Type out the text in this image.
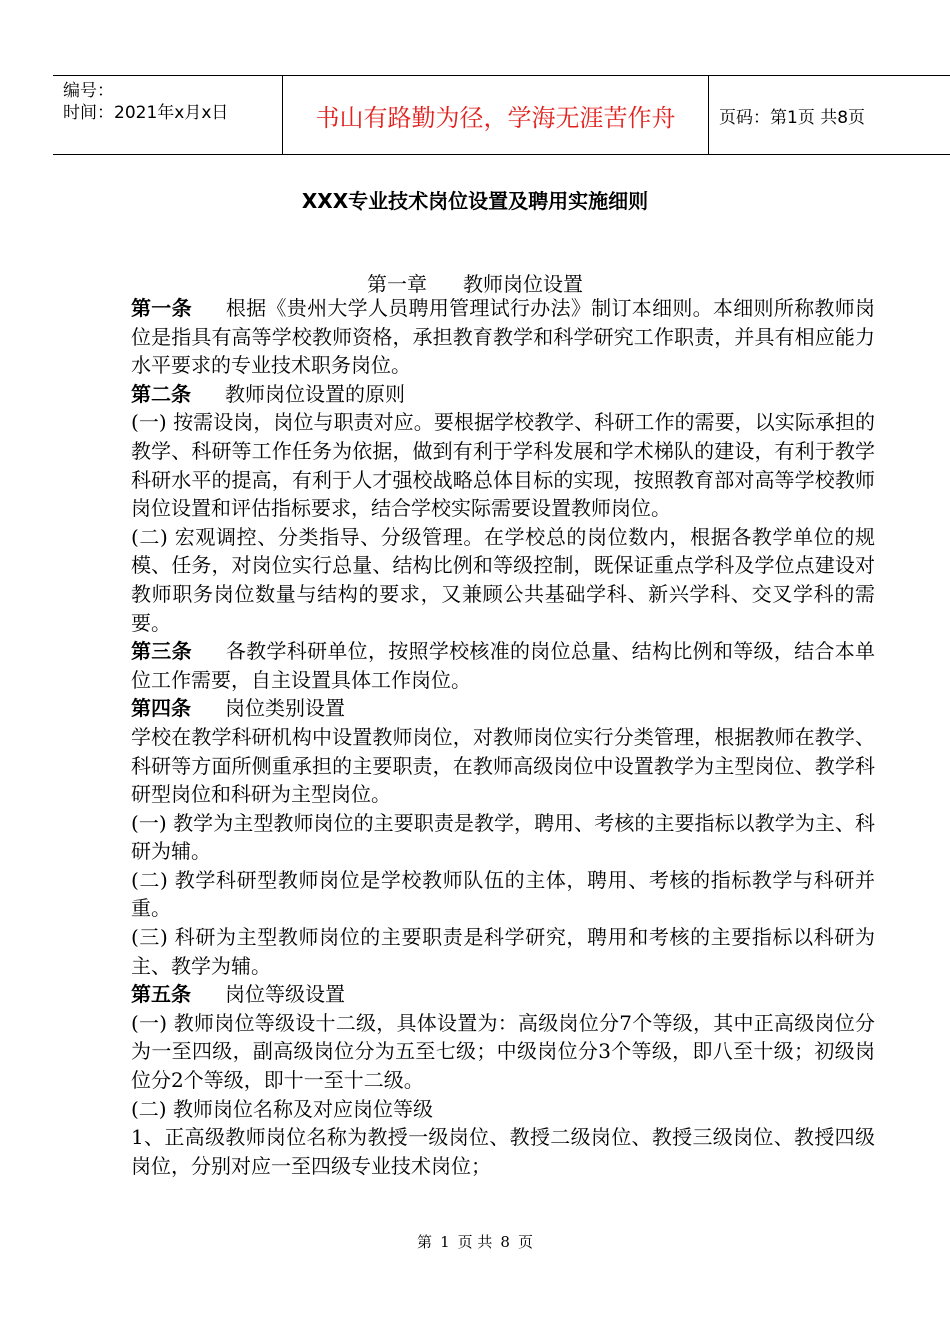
编号：
时间：2021年x月x日	书山有路勤为径，学海无涯苦作舟	页码：第1页 共8页
XXX专业技术岗位设置及聘用实施细则
第一章 教师岗位设置

第一条 根据《贵州大学人员聘用管理试行办法》制订本细则。本细则所称教师岗位是指具有高等学校教师资格，承担教育教学和科学研究工作职责，并具有相应能力水平要求的专业技术职务岗位。

第二条 教师岗位设置的原则

(一) 按需设岗，岗位与职责对应。要根据学校教学、科研工作的需要，以实际承担的教学、科研等工作任务为依据，做到有利于学科发展和学术梯队的建设，有利于教学科研水平的提高，有利于人才强校战略总体目标的实现，按照教育部对高等学校教师岗位设置和评估指标要求，结合学校实际需要设置教师岗位。

(二) 宏观调控、分类指导、分级管理。在学校总的岗位数内，根据各教学单位的规模、任务，对岗位实行总量、结构比例和等级控制，既保证重点学科及学位点建设对教师职务岗位数量与结构的要求，又兼顾公共基础学科、新兴学科、交叉学科的需要。

第三条 各教学科研单位，按照学校核准的岗位总量、结构比例和等级，结合本单位工作需要，自主设置具体工作岗位。

第四条 岗位类别设置

学校在教学科研机构中设置教师岗位，对教师岗位实行分类管理，根据教师在教学、科研等方面所侧重承担的主要职责，在教师高级岗位中设置教学为主型岗位、教学科研型岗位和科研为主型岗位。

(一) 教学为主型教师岗位的主要职责是教学，聘用、考核的主要指标以教学为主、科研为辅。

(二) 教学科研型教师岗位是学校教师队伍的主体，聘用、考核的指标教学与科研并重。

(三) 科研为主型教师岗位的主要职责是科学研究，聘用和考核的主要指标以科研为主、教学为辅。

第五条 岗位等级设置

(一) 教师岗位等级设十二级，具体设置为：高级岗位分7个等级，其中正高级岗位分为一至四级，副高级岗位分为五至七级；中级岗位分3个等级，即八至十级；初级岗位分2个等级，即十一至十二级。

(二) 教师岗位名称及对应岗位等级

1、正高级教师岗位名称为教授一级岗位、教授二级岗位、教授三级岗位、教授四级岗位，分别对应一至四级专业技术岗位；

第 1 页 共 8 页
